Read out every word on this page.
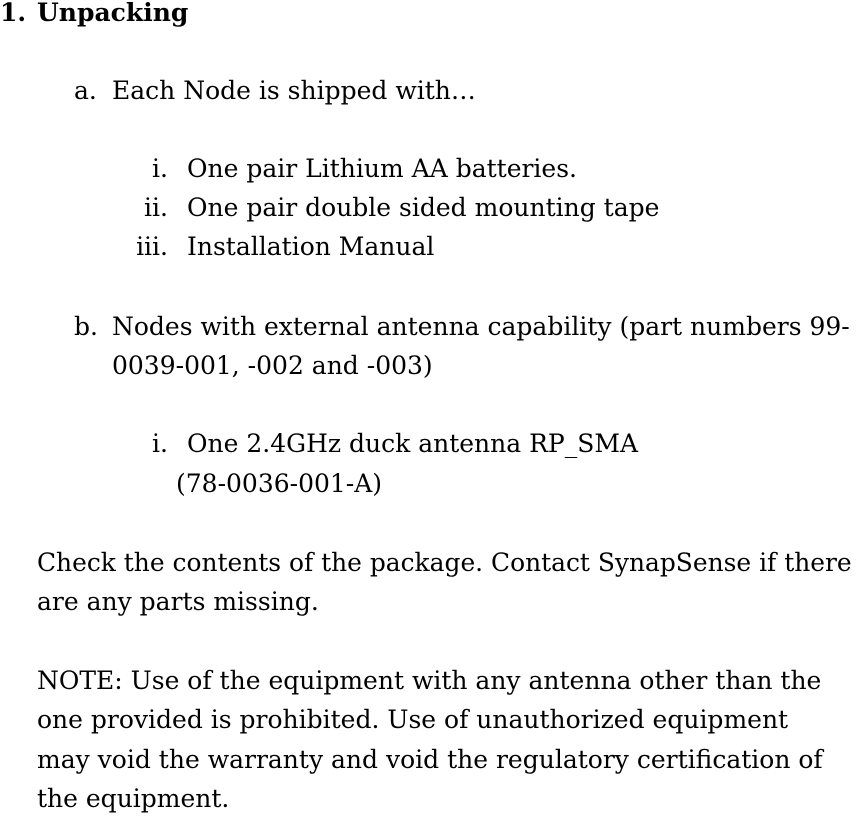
1. Unpacking
a. Each Node is shipped with…
i. One pair Lithium AA batteries.
ii. One pair double sided mounting tape
iii. Installation Manual
b. Nodes with external antenna capability (part numbers 99-
0039-001, -002 and -003)
i. One 2.4GHz duck antenna RP_SMA
(78-0036-001-A)
Check the contents of the package. Contact SynapSense if there
are any parts missing.
NOTE: Use of the equipment with any antenna other than the
one provided is prohibited. Use of unauthorized equipment
may void the warranty and void the regulatory certification of
the equipment.
